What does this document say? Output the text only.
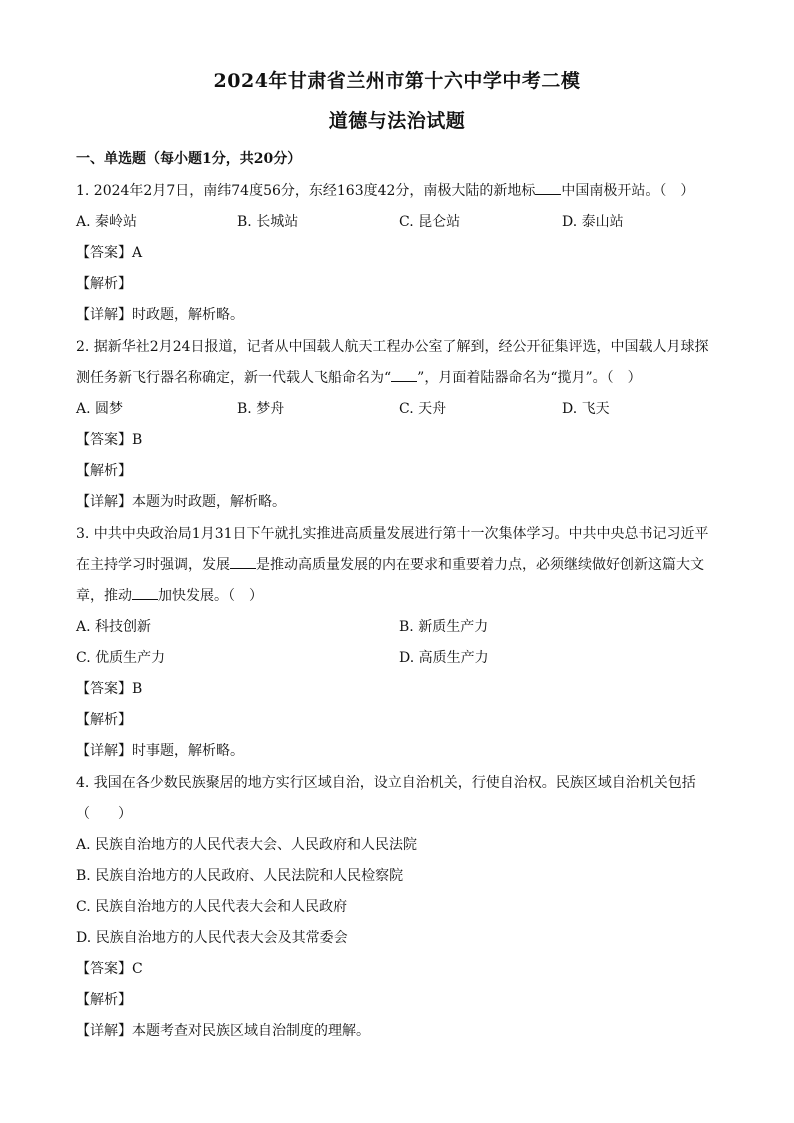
2024年甘肃省兰州市第十六中学中考二模
道德与法治试题
一、单选题（每小题1分，共20分）
1. 2024年2月7日，南纬74度56分，东经163度42分，南极大陆的新地标 中国南极开站。（　）
A. 秦岭站	B. 长城站	C. 昆仑站	D. 泰山站
【答案】A
【解析】
【详解】时政题，解析略。
2. 据新华社2月24日报道，记者从中国载人航天工程办公室了解到，经公开征集评选，中国载人月球探
测任务新飞行器名称确定，新一代载人飞船命名为“ ”，月面着陆器命名为“揽月”。（　）
A. 圆梦	B. 梦舟	C. 天舟	D. 飞天
【答案】B
【解析】
【详解】本题为时政题，解析略。
3. 中共中央政治局1月31日下午就扎实推进高质量发展进行第十一次集体学习。中共中央总书记习近平
在主持学习时强调，发展 是推动高质量发展的内在要求和重要着力点，必须继续做好创新这篇大文
章，推动 加快发展。（　）
A. 科技创新	B. 新质生产力
C. 优质生产力	D. 高质生产力
【答案】B
【解析】
【详解】时事题，解析略。
4. 我国在各少数民族聚居的地方实行区域自治，设立自治机关，行使自治权。民族区域自治机关包括
（　　）
A. 民族自治地方的人民代表大会、人民政府和人民法院
B. 民族自治地方的人民政府、人民法院和人民检察院
C. 民族自治地方的人民代表大会和人民政府
D. 民族自治地方的人民代表大会及其常委会
【答案】C
【解析】
【详解】本题考查对民族区域自治制度的理解。
